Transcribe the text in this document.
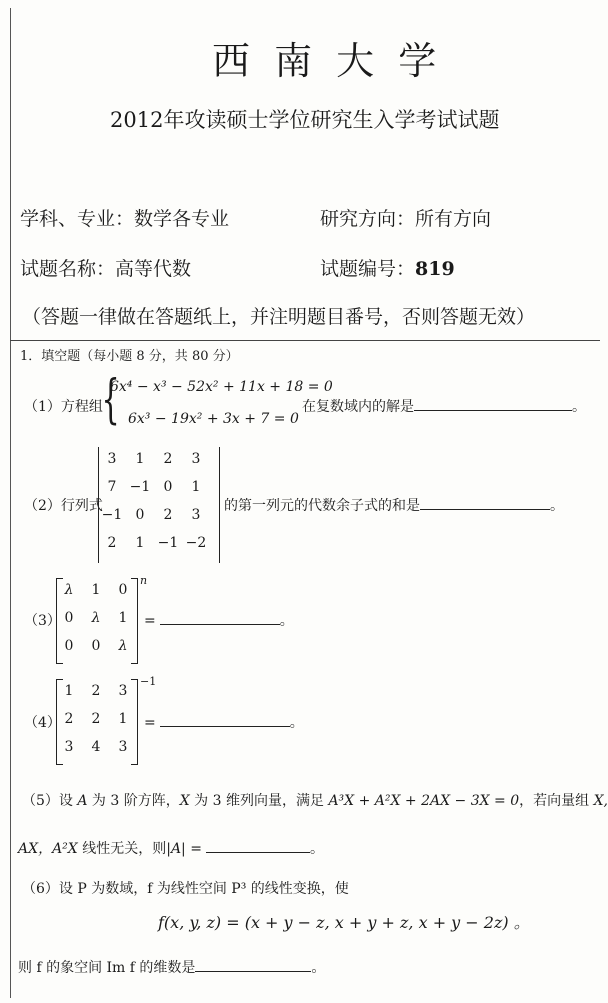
西 南 大 学
2012年攻读硕士学位研究生入学考试试题
学科、专业：数学各专业	研究方向：所有方向
试题名称：高等代数	试题编号：819
（答题一律做在答题纸上，并注明题目番号，否则答题无效）
1．填空题（每小题 8 分，共 80 分）
（1）方程组
{
6x⁴ − x³ − 52x² + 11x + 18 = 0
6x³ − 19x² + 3x + 7 = 0
在复数域内的解是	。
（2）行列式
3	1	2	3
7 −1 0	1
−1 0	2	3
2	1 −1 −2
的第一列元的代数余子式的和是	。
（3）
λ	1	0
0	λ	1
0	0	λ
n
=	。
（4）
1	2	3
2	2	1
3	4	3
−1
=	。
（5）设 A 为 3 阶方阵，X 为 3 维列向量，满足 A³X + A²X + 2AX − 3X = 0，若向量组 X,
AX，A²X 线性无关，则|A| =	。
（6）设 P 为数域，f 为线性空间 P³ 的线性变换，使
f(x, y, z) = (x + y − z, x + y + z, x + y − 2z) 。
则 f 的象空间 Im f 的维数是	。
